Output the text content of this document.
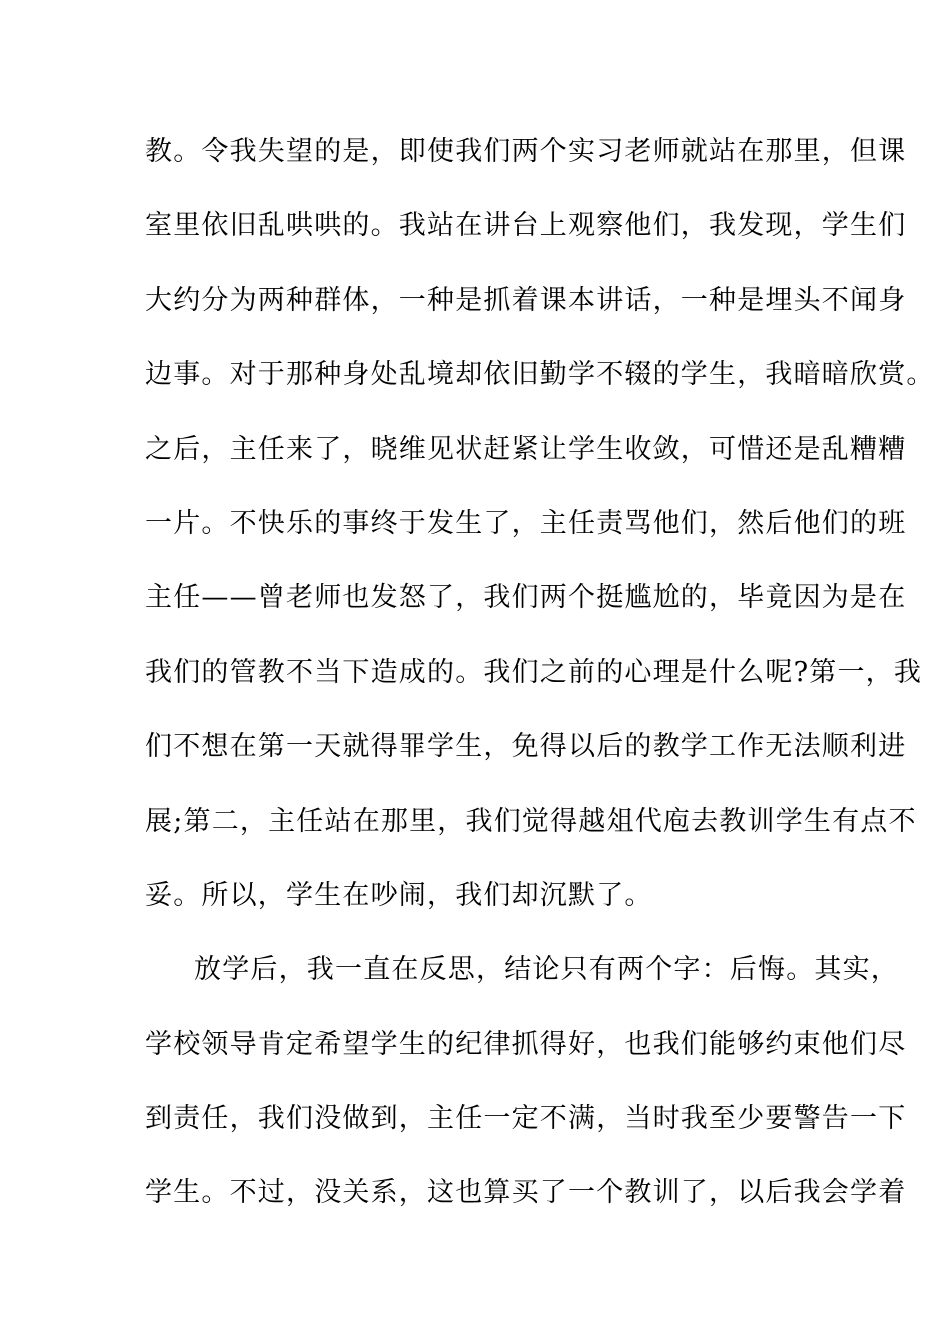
教。令我失望的是，即使我们两个实习老师就站在那里，但课
室里依旧乱哄哄的。我站在讲台上观察他们，我发现，学生们
大约分为两种群体，一种是抓着课本讲话，一种是埋头不闻身
边事。对于那种身处乱境却依旧勤学不辍的学生，我暗暗欣赏。
之后，主任来了，晓维见状赶紧让学生收敛，可惜还是乱糟糟
一片。不快乐的事终于发生了，主任责骂他们，然后他们的班
主任——曾老师也发怒了，我们两个挺尴尬的，毕竟因为是在
我们的管教不当下造成的。我们之前的心理是什么呢?第一，我
们不想在第一天就得罪学生，免得以后的教学工作无法顺利进
展;第二，主任站在那里，我们觉得越俎代庖去教训学生有点不
妥。所以，学生在吵闹，我们却沉默了。
放学后，我一直在反思，结论只有两个字：后悔。其实，
学校领导肯定希望学生的纪律抓得好，也我们能够约束他们尽
到责任，我们没做到，主任一定不满，当时我至少要警告一下
学生。不过，没关系，这也算买了一个教训了，以后我会学着
